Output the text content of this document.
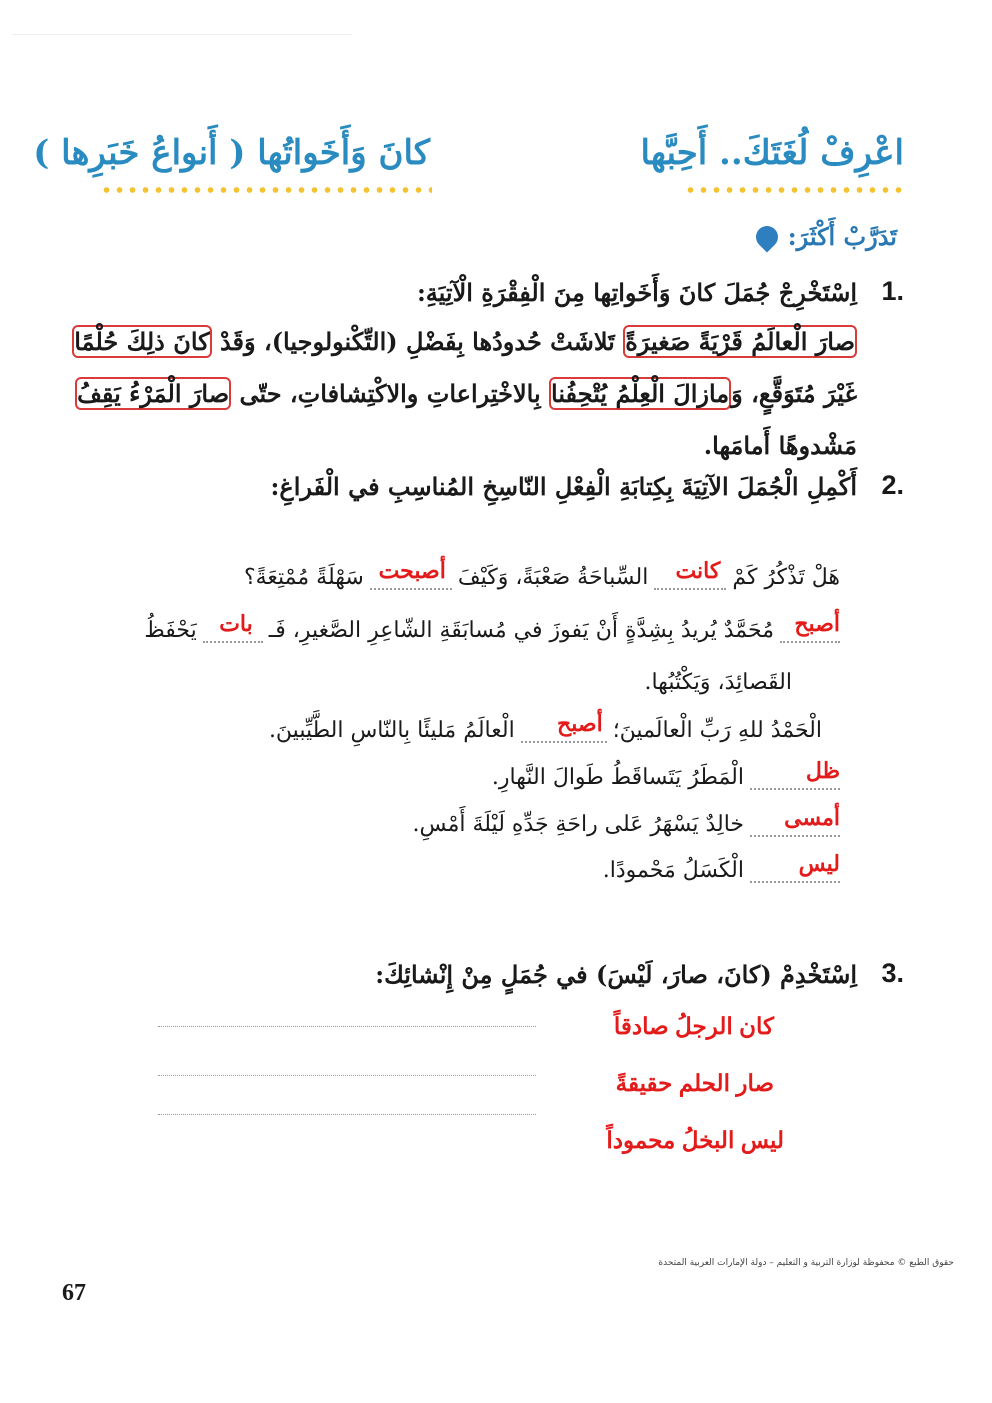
اعْرِفْ لُغَتَكَ.. أَحِبَّها
كانَ وَأَخَواتُها ( أَنواعُ خَبَرِها )
تَدَرَّبْ أَكْثَرَ:
1.
اِسْتَخْرِجْ جُمَلَ كانَ وَأَخَواتِها مِنَ الْفِقْرَةِ الْآتِيَةِ:
صارَ الْعالَمُ قَرْيَةً صَغيرَةً تَلاشَتْ حُدودُها بِفَضْلِ (التِّكْنولوجيا)، وَقَدْ كانَ ذلِكَ حُلْمًا
غَيْرَ مُتَوَقَّعٍ، وَمازالَ الْعِلْمُ يُتْحِفُنا بِالاخْتِراعاتِ والاكْتِشافاتِ، حتّى صارَ الْمَرْءُ يَقِفُ
مَشْدوهًا أَمامَها.
2.
أَكْمِلِ الْجُمَلَ الآتِيَةَ بِكِتابَةِ الْفِعْلِ النّاسِخِ المُناسِبِ في الْفَراغِ:
هَلْ تَذْكُرُ كَمْ
كانت
السِّباحَةُ صَعْبَةً، وَكَيْفَ
أصبحت
سَهْلَةً مُمْتِعَةً؟
أصبح
مُحَمَّدٌ يُريدُ بِشِدَّةٍ أَنْ يَفوزَ في مُسابَقَةِ الشّاعِرِ الصَّغيرِ، فَـ
بات
يَحْفَظُ
القَصائِدَ، وَيَكْتُبُها.
الْحَمْدُ للهِ رَبِّ الْعالَمينَ؛
أصبح
الْعالَمُ مَليئًا بِالنّاسِ الطَّيِّبينَ.
ظل
الْمَطَرُ يَتَساقَطُ طَوالَ النَّهارِ.
أمسى
خالِدٌ يَسْهَرُ عَلى راحَةِ جَدِّهِ لَيْلَةَ أَمْسِ.
ليس
الْكَسَلُ مَحْمودًا.
3.
اِسْتَخْدِمْ (كانَ، صارَ، لَيْسَ) في جُمَلٍ مِنْ إِنْشائِكَ:
كان الرجلُ صادقاً
صار الحلم حقيقةً
ليس البخلُ محموداً
حقوق الطبع © محفوظة لوزارة التربية و التعليم – دولة الإمارات العربية المتحدة
67
